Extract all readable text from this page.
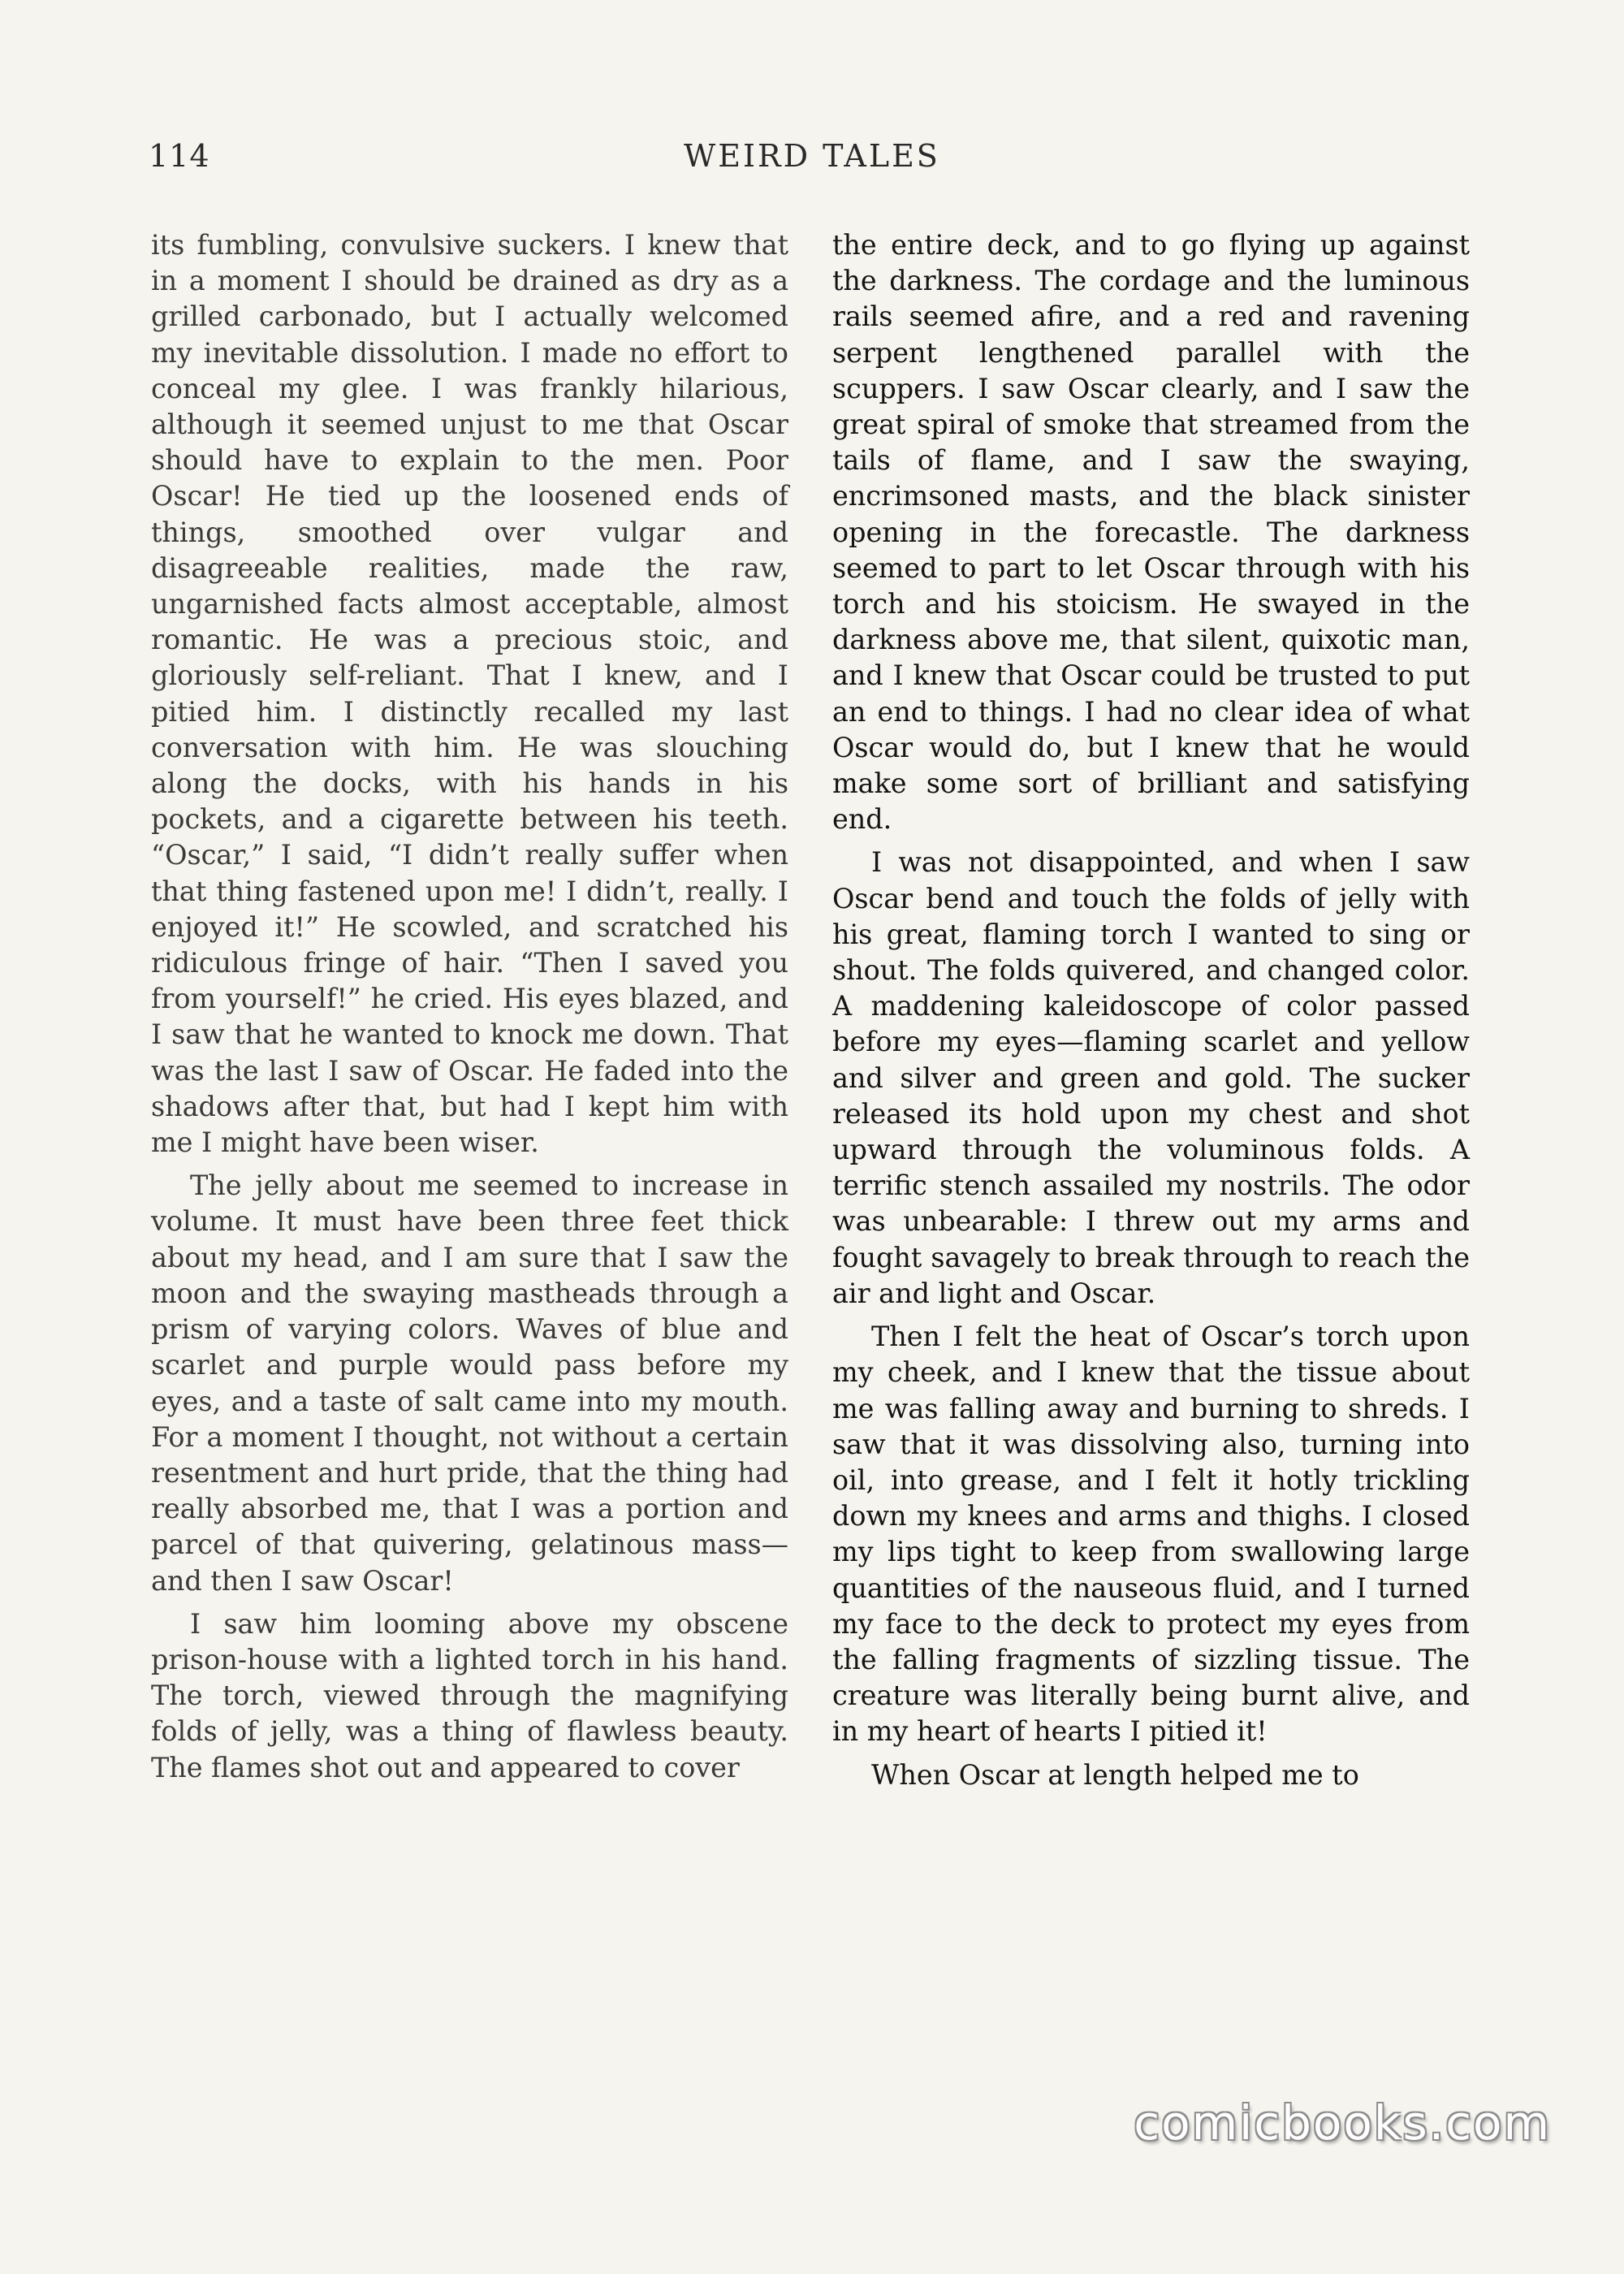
114	WEIRD TALES

its fumbling, convulsive suckers. I knew that in a moment I should be drained as dry as a grilled carbonado, but I actually welcomed my inevitable dissolution. I made no effort to conceal my glee. I was frankly hilarious, although it seemed unjust to me that Oscar should have to explain to the men. Poor Oscar! He tied up the loosened ends of things, smoothed over vulgar and disagreeable realities, made the raw, ungarnished facts almost acceptable, almost romantic. He was a precious stoic, and gloriously self-reliant. That I knew, and I pitied him. I distinctly recalled my last conversation with him. He was slouching along the docks, with his hands in his pockets, and a cigarette between his teeth. “Oscar,” I said, “I didn’t really suffer when that thing fastened upon me! I didn’t, really. I enjoyed it!” He scowled, and scratched his ridiculous fringe of hair. “Then I saved you from yourself!” he cried. His eyes blazed, and I saw that he wanted to knock me down. That was the last I saw of Oscar. He faded into the shadows after that, but had I kept him with me I might have been wiser.

The jelly about me seemed to increase in volume. It must have been three feet thick about my head, and I am sure that I saw the moon and the swaying mastheads through a prism of varying colors. Waves of blue and scarlet and purple would pass before my eyes, and a taste of salt came into my mouth. For a moment I thought, not without a certain resentment and hurt pride, that the thing had really absorbed me, that I was a portion and parcel of that quivering, gelatinous mass—and then I saw Oscar!

I saw him looming above my obscene prison-house with a lighted torch in his hand. The torch, viewed through the magnifying folds of jelly, was a thing of flawless beauty. The flames shot out and appeared to cover

the entire deck, and to go flying up against the darkness. The cordage and the luminous rails seemed afire, and a red and ravening serpent lengthened parallel with the scuppers. I saw Oscar clearly, and I saw the great spiral of smoke that streamed from the tails of flame, and I saw the swaying, encrimsoned masts, and the black sinister opening in the forecastle. The darkness seemed to part to let Oscar through with his torch and his stoicism. He swayed in the darkness above me, that silent, quixotic man, and I knew that Oscar could be trusted to put an end to things. I had no clear idea of what Oscar would do, but I knew that he would make some sort of brilliant and satisfying end.

I was not disappointed, and when I saw Oscar bend and touch the folds of jelly with his great, flaming torch I wanted to sing or shout. The folds quivered, and changed color. A maddening kaleidoscope of color passed before my eyes—flaming scarlet and yellow and silver and green and gold. The sucker released its hold upon my chest and shot upward through the voluminous folds. A terrific stench assailed my nostrils. The odor was unbearable: I threw out my arms and fought savagely to break through to reach the air and light and Oscar.

Then I felt the heat of Oscar’s torch upon my cheek, and I knew that the tissue about me was falling away and burning to shreds. I saw that it was dissolving also, turning into oil, into grease, and I felt it hotly trickling down my knees and arms and thighs. I closed my lips tight to keep from swallowing large quantities of the nauseous fluid, and I turned my face to the deck to protect my eyes from the falling fragments of sizzling tissue. The creature was literally being burnt alive, and in my heart of hearts I pitied it!

When Oscar at length helped me to

comicbooks.com
